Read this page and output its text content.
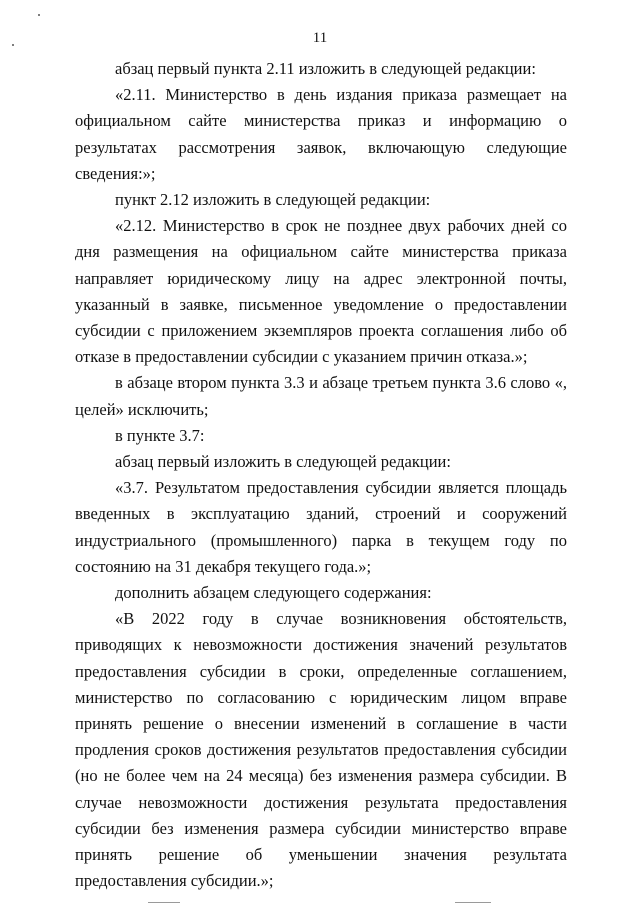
11

абзац первый пункта 2.11 изложить в следующей редакции:

«2.11. Министерство в день издания приказа размещает на официальном сайте министерства приказ и информацию о результатах рассмотрения заявок, включающую следующие сведения:»;

пункт 2.12 изложить в следующей редакции:

«2.12. Министерство в срок не позднее двух рабочих дней со дня размещения на официальном сайте министерства приказа направляет юридическому лицу на адрес электронной почты, указанный в заявке, письменное уведомление о предоставлении субсидии с приложением экземпляров проекта соглашения либо об отказе в предоставлении субсидии с указанием причин отказа.»;

в абзаце втором пункта 3.3 и абзаце третьем пункта 3.6 слово «, целей» исключить;

в пункте 3.7:

абзац первый изложить в следующей редакции:

«3.7. Результатом предоставления субсидии является площадь введенных в эксплуатацию зданий, строений и сооружений индустриального (промышленного) парка в текущем году по состоянию на 31 декабря текущего года.»;

дополнить абзацем следующего содержания:

«В 2022 году в случае возникновения обстоятельств, приводящих к невозможности достижения значений результатов предоставления субсидии в сроки, определенные соглашением, министерство по согласованию с юридическим лицом вправе принять решение о внесении изменений в соглашение в части продления сроков достижения результатов предоставления субсидии (но не более чем на 24 месяца) без изменения размера субсидии. В случае невозможности достижения результата предоставления субсидии без изменения размера субсидии министерство вправе принять решение об уменьшении значения результата предоставления субсидии.»;
